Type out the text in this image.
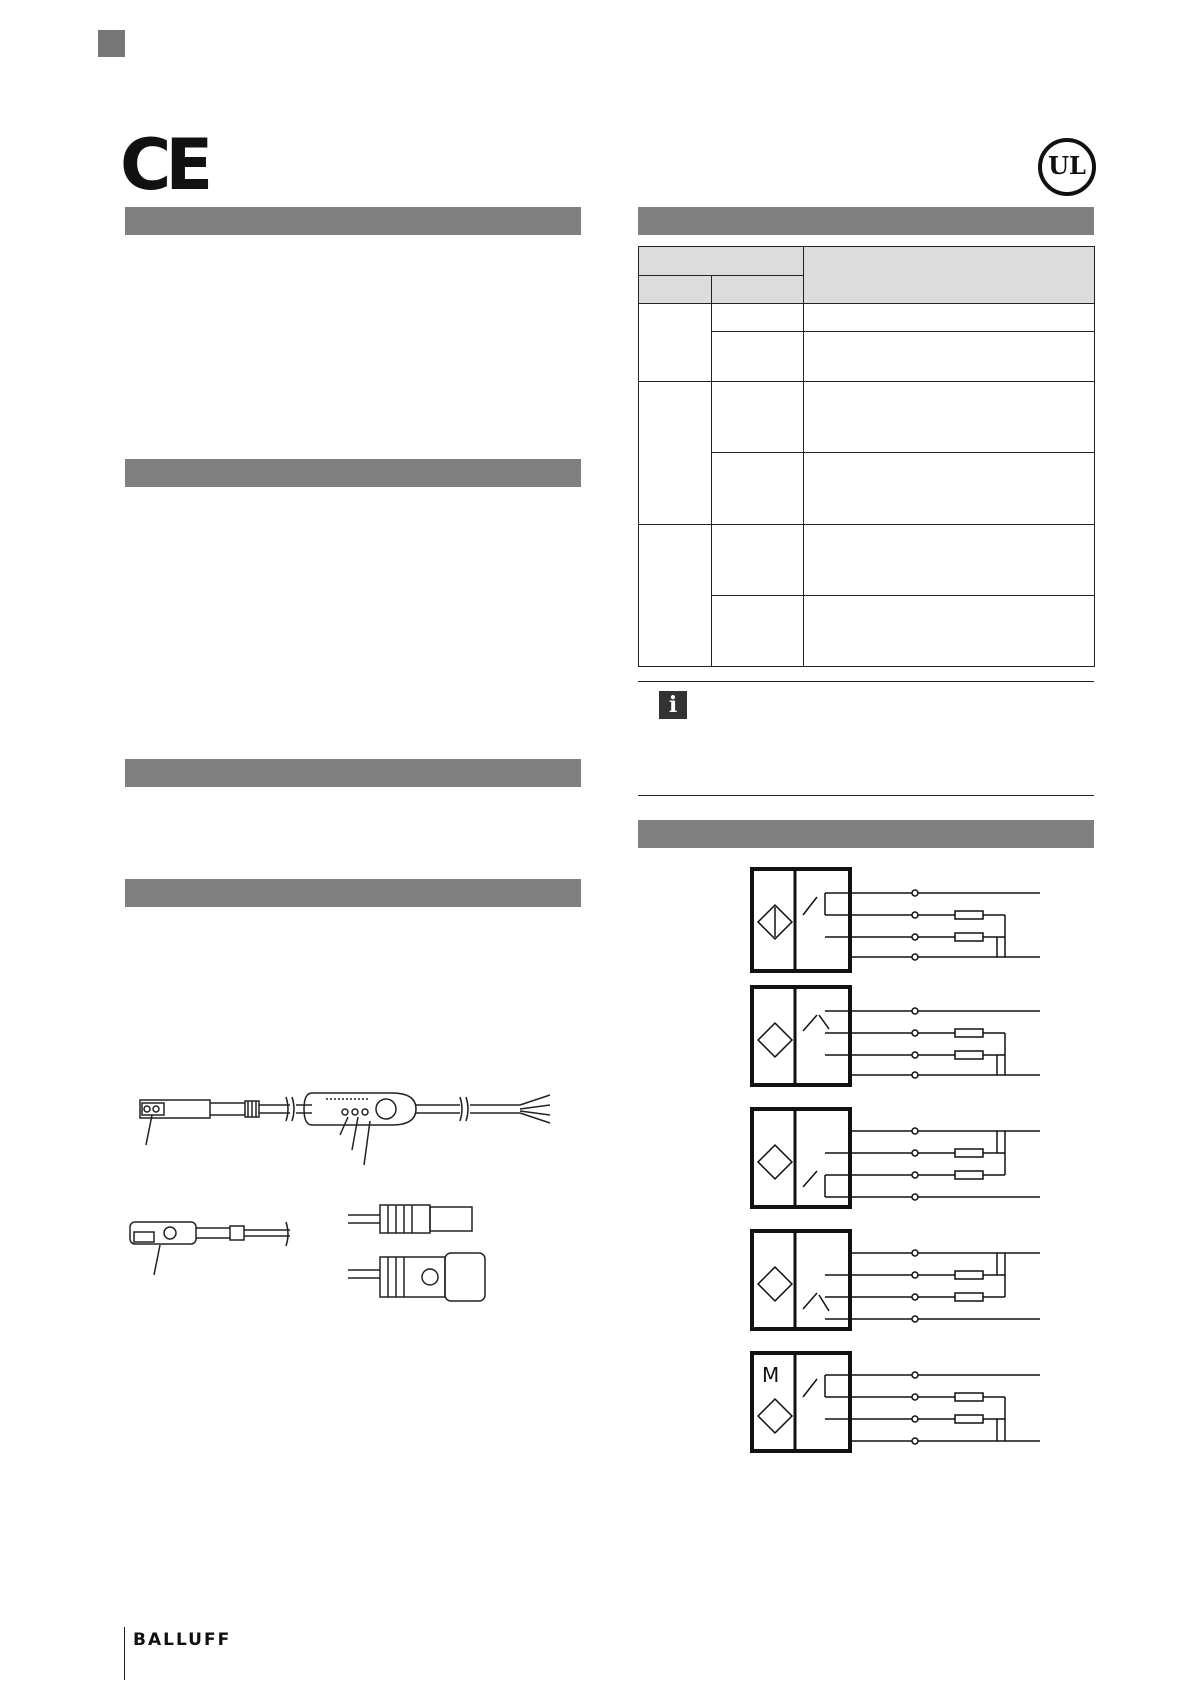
CE	UL

i
M
BALLUFF
